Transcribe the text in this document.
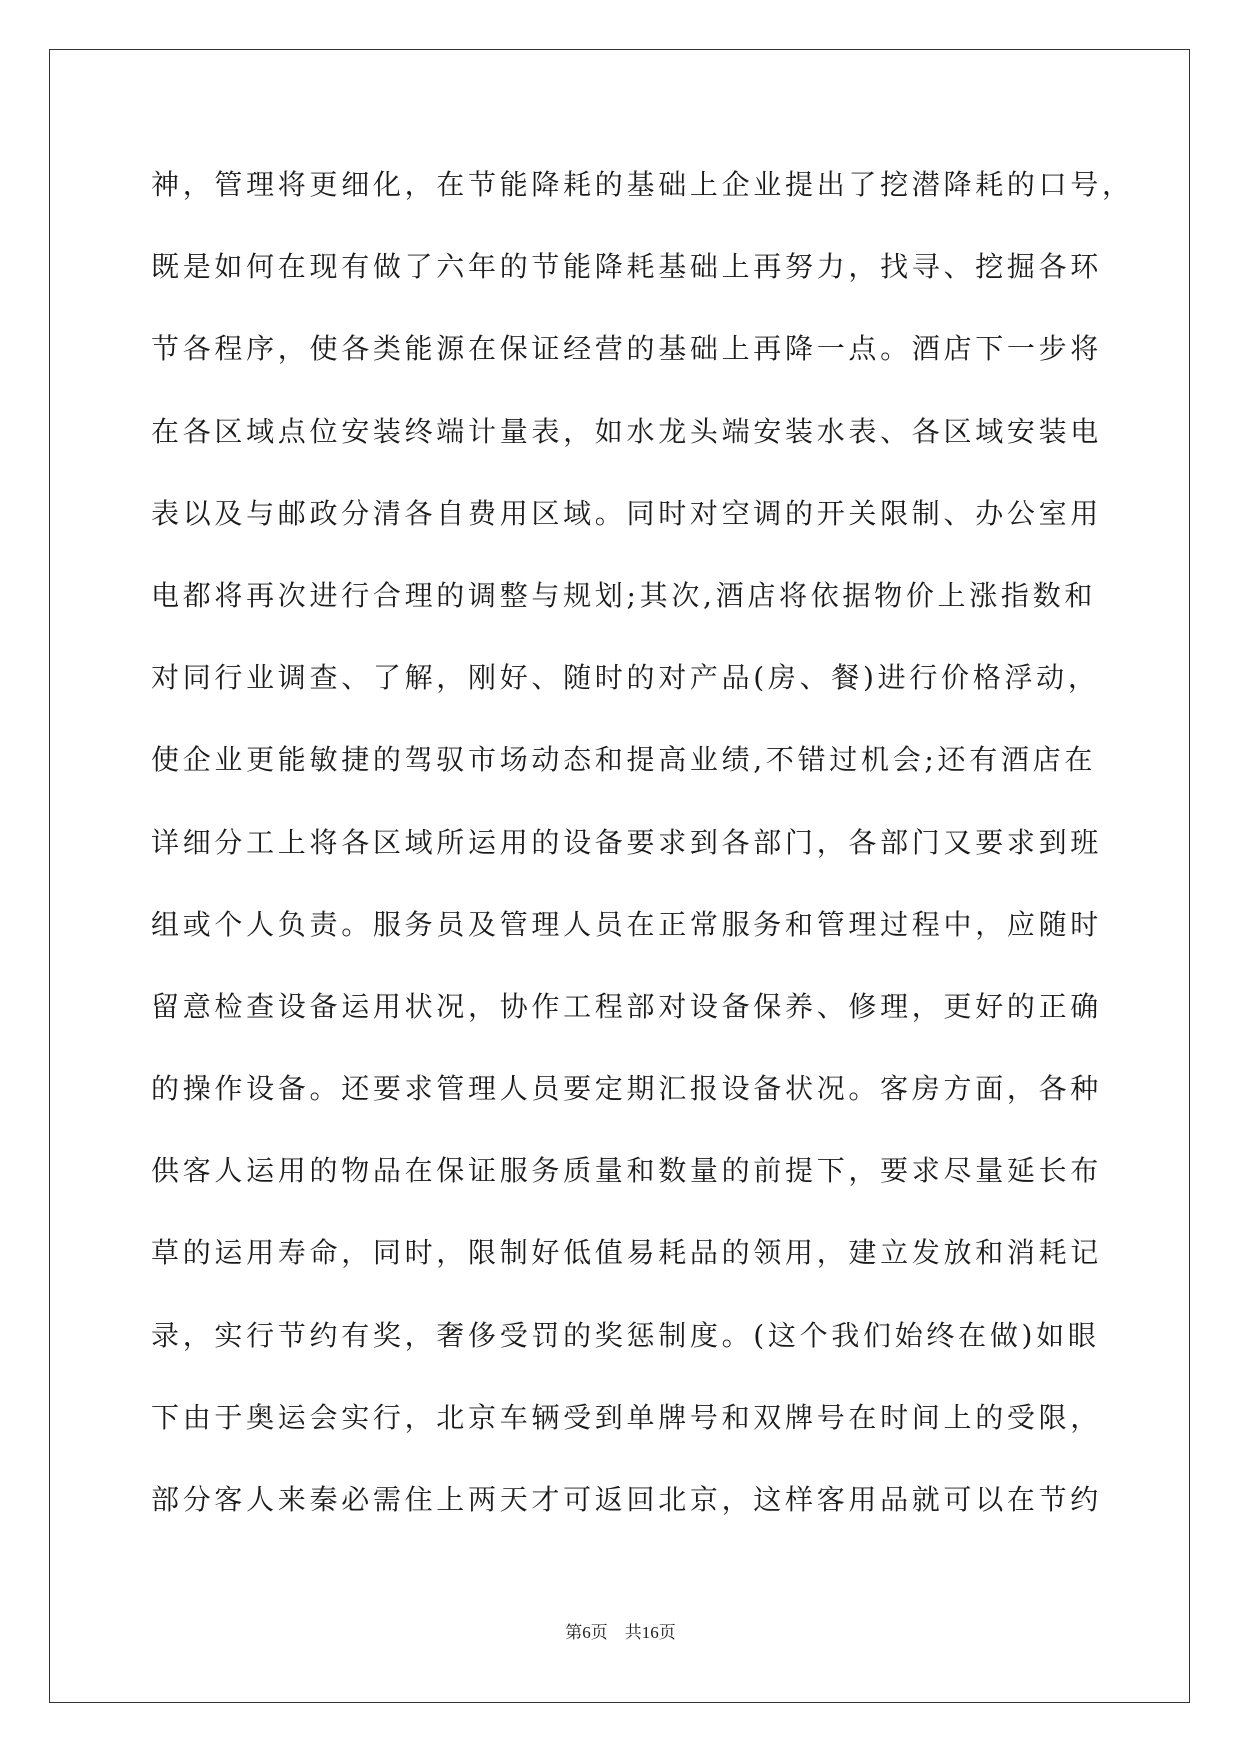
神，管理将更细化，在节能降耗的基础上企业提出了挖潜降耗的口号，
既是如何在现有做了六年的节能降耗基础上再努力，找寻、挖掘各环
节各程序，使各类能源在保证经营的基础上再降一点。酒店下一步将
在各区域点位安装终端计量表，如水龙头端安装水表、各区域安装电
表以及与邮政分清各自费用区域。同时对空调的开关限制、办公室用
电都将再次进行合理的调整与规划;其次,酒店将依据物价上涨指数和
对同行业调查、了解，刚好、随时的对产品(房、餐)进行价格浮动，
使企业更能敏捷的驾驭市场动态和提高业绩,不错过机会;还有酒店在
详细分工上将各区域所运用的设备要求到各部门，各部门又要求到班
组或个人负责。服务员及管理人员在正常服务和管理过程中，应随时
留意检查设备运用状况，协作工程部对设备保养、修理，更好的正确
的操作设备。还要求管理人员要定期汇报设备状况。客房方面，各种
供客人运用的物品在保证服务质量和数量的前提下，要求尽量延长布
草的运用寿命，同时，限制好低值易耗品的领用，建立发放和消耗记
录，实行节约有奖，奢侈受罚的奖惩制度。(这个我们始终在做)如眼
下由于奥运会实行，北京车辆受到单牌号和双牌号在时间上的受限，
部分客人来秦必需住上两天才可返回北京，这样客用品就可以在节约
第6页　共16页
